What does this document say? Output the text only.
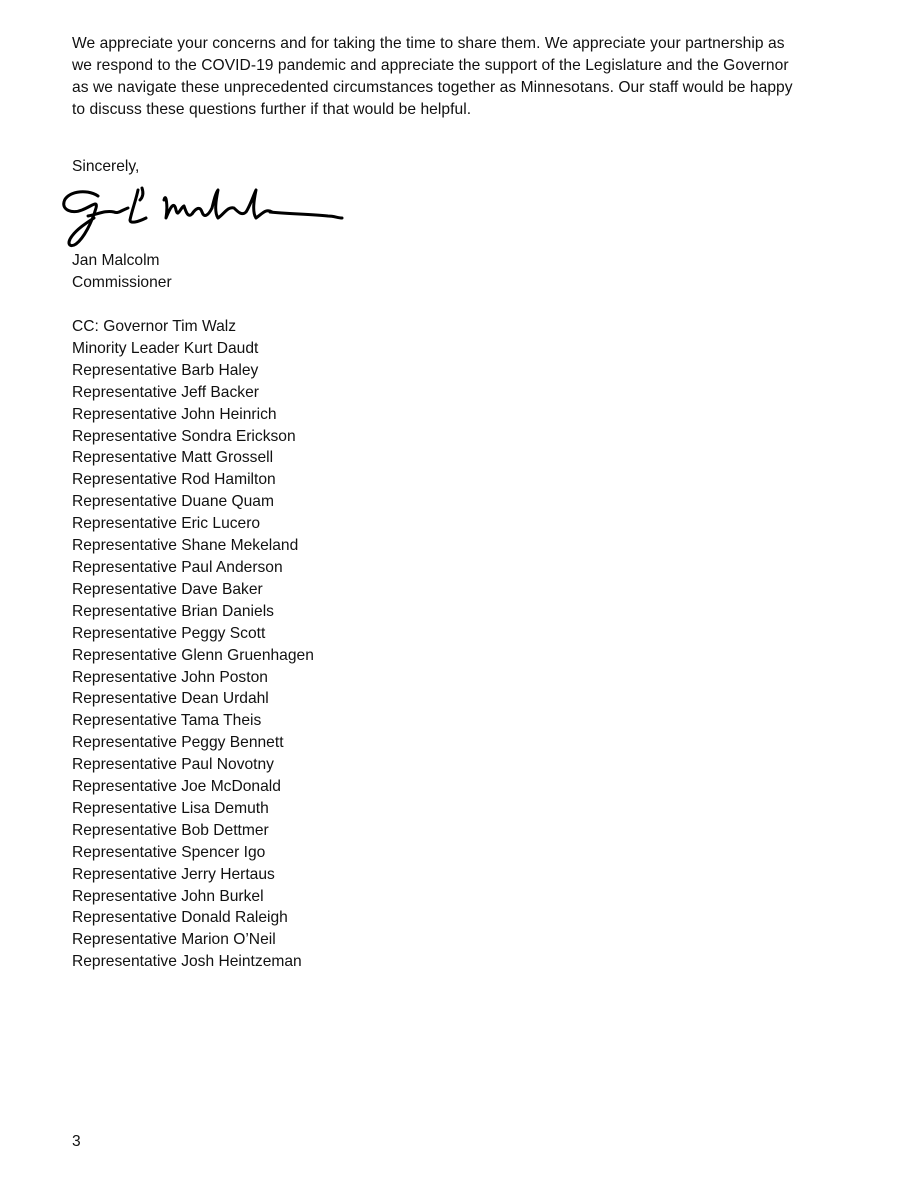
We appreciate your concerns and for taking the time to share them. We appreciate your partnership as
we respond to the COVID-19 pandemic and appreciate the support of the Legislature and the Governor
as we navigate these unprecedented circumstances together as Minnesotans. Our staff would be happy
to discuss these questions further if that would be helpful.
Sincerely,
Jan Malcolm
Commissioner
CC: Governor Tim Walz
Minority Leader Kurt Daudt
Representative Barb Haley
Representative Jeff Backer
Representative John Heinrich
Representative Sondra Erickson
Representative Matt Grossell
Representative Rod Hamilton
Representative Duane Quam
Representative Eric Lucero
Representative Shane Mekeland
Representative Paul Anderson
Representative Dave Baker
Representative Brian Daniels
Representative Peggy Scott
Representative Glenn Gruenhagen
Representative John Poston
Representative Dean Urdahl
Representative Tama Theis
Representative Peggy Bennett
Representative Paul Novotny
Representative Joe McDonald
Representative Lisa Demuth
Representative Bob Dettmer
Representative Spencer Igo
Representative Jerry Hertaus
Representative John Burkel
Representative Donald Raleigh
Representative Marion O’Neil
Representative Josh Heintzeman
3
